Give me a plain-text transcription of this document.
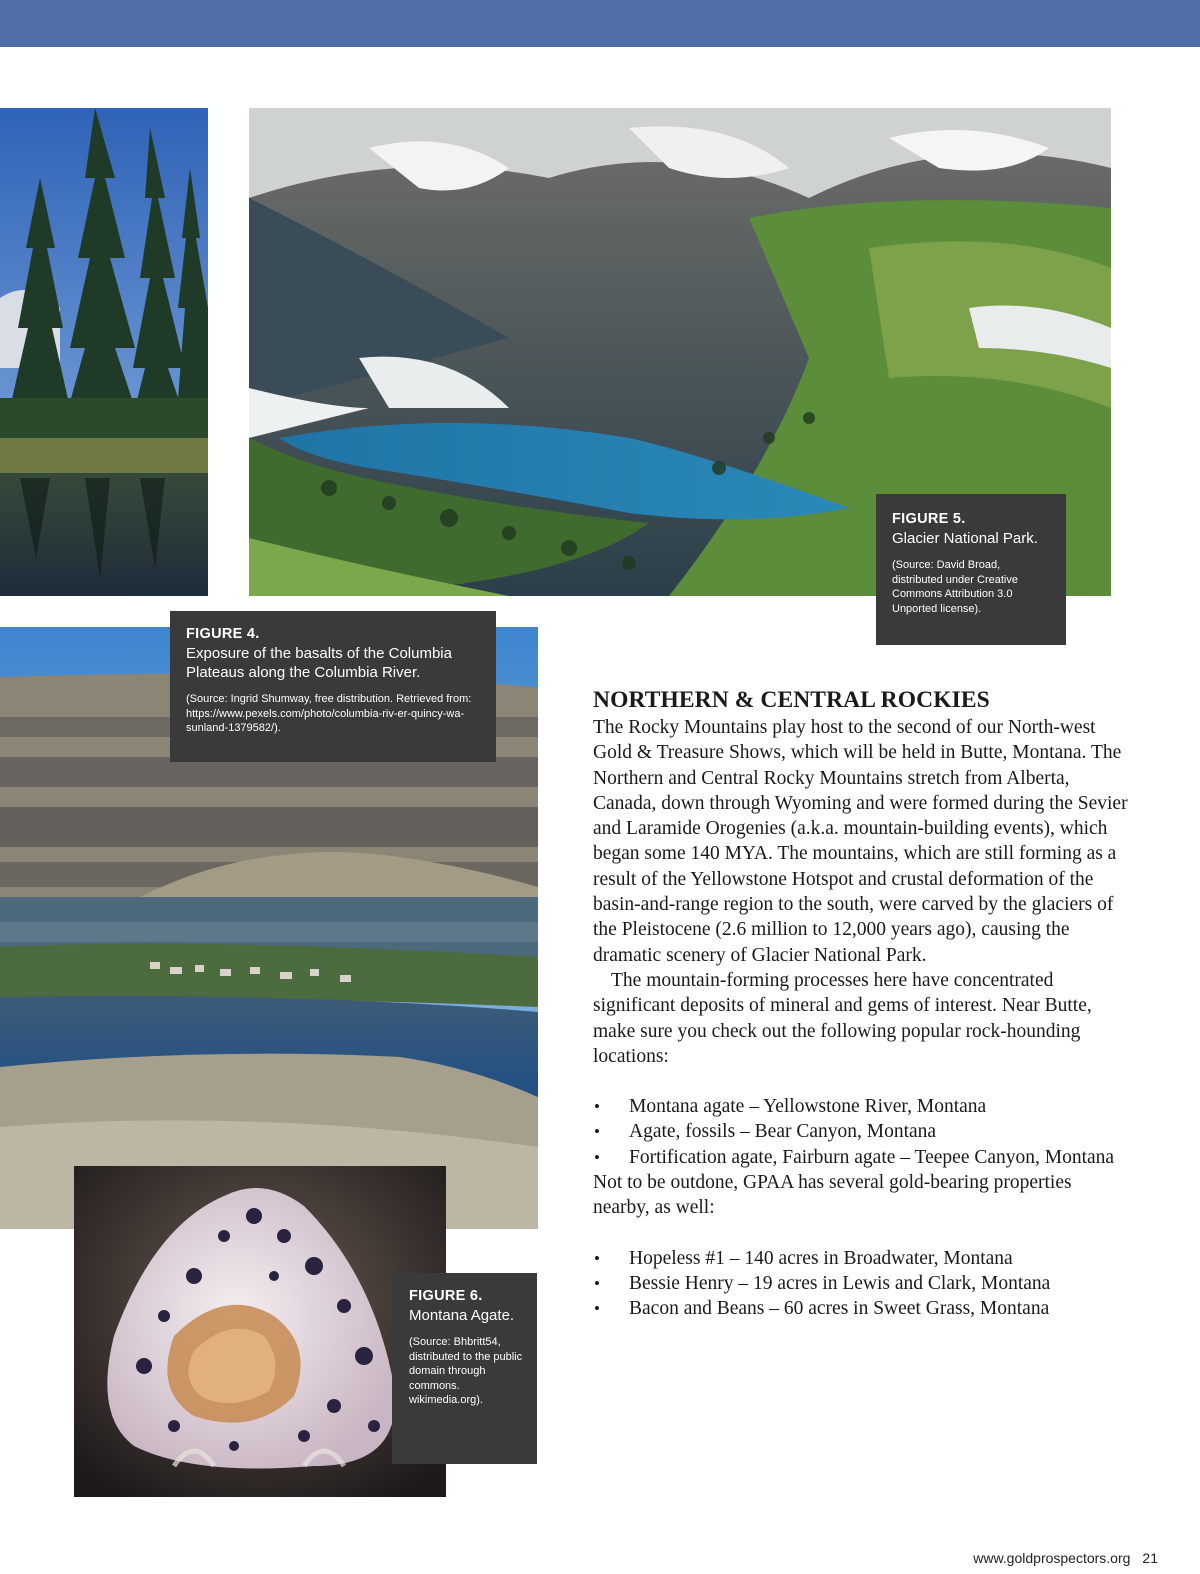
FIGURE 5.
Glacier National Park.
(Source: David Broad, distributed under Creative Commons Attribution 3.0 Unported license).
FIGURE 4.
Exposure of the basalts of the Columbia Plateaus along the Columbia River.
(Source: Ingrid Shumway, free distribution. Retrieved from: https://www.pexels.com/photo/columbia-riv-er-quincy-wa-sunland-1379582/).
FIGURE 6.
Montana Agate.
(Source: Bhbritt54, distributed to the public domain through commons. wikimedia.org).
NORTHERN & CENTRAL ROCKIES

The Rocky Mountains play host to the second of our North-west Gold & Treasure Shows, which will be held in Butte, Montana. The Northern and Central Rocky Mountains stretch from Alberta, Canada, down through Wyoming and were formed during the Sevier and Laramide Orogenies (a.k.a. mountain-building events), which began some 140 MYA. The mountains, which are still forming as a result of the Yellowstone Hotspot and crustal deformation of the basin-and-range region to the south, were carved by the glaciers of the Pleistocene (2.6 million to 12,000 years ago), causing the dramatic scenery of Glacier National Park.

The mountain-forming processes here have concentrated significant deposits of mineral and gems of interest. Near Butte, make sure you check out the following popular rock-hounding locations:

• Montana agate – Yellowstone River, Montana
• Agate, fossils – Bear Canyon, Montana
• Fortification agate, Fairburn agate – Teepee Canyon, Montana

Not to be outdone, GPAA has several gold-bearing properties nearby, as well:

• Hopeless #1 – 140 acres in Broadwater, Montana
• Bessie Henry – 19 acres in Lewis and Clark, Montana
• Bacon and Beans – 60 acres in Sweet Grass, Montana
www.goldprospectors.org 21
